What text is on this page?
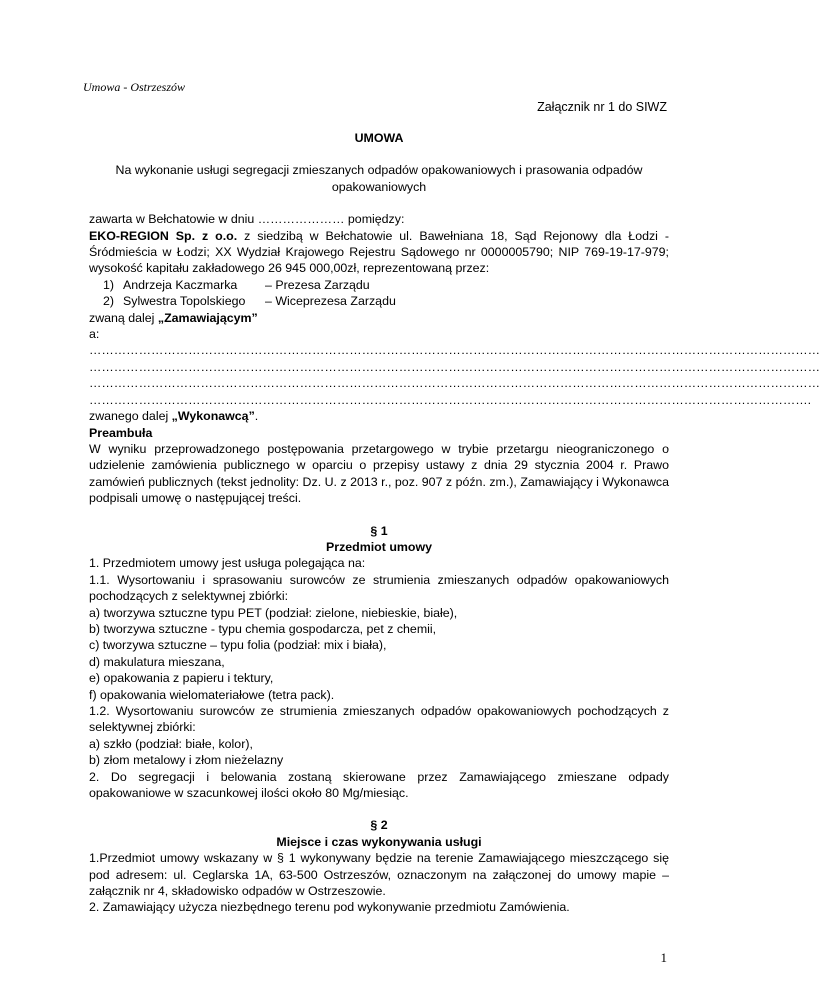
Umowa - Ostrzeszów
Załącznik nr 1 do SIWZ

UMOWA

Na wykonanie usługi segregacji zmieszanych odpadów opakowaniowych i prasowania odpadów opakowaniowych

zawarta w Bełchatowie w dniu ………………… pomiędzy:

EKO-REGION Sp. z o.o. z siedzibą w Bełchatowie ul. Bawełniana 18, Sąd Rejonowy dla Łodzi - Śródmieścia w Łodzi; XX Wydział Krajowego Rejestru Sądowego nr 0000005790; NIP 769-19-17-979; wysokość kapitału zakładowego 26 945 000,00zł, reprezentowaną przez:

1) Andrzeja Kaczmarka – Prezesa Zarządu

2) Sylwestra Topolskiego – Wiceprezesa Zarządu

zwaną dalej „Zamawiającym”

a:

……………………………………………………………………………………………………………………………………………………………

……………………………………………………………………………………………………………………………………………………………

……………………………………………………………………………………………………………………………………………………………

………………………………………………………………………………………………………………………………………………………….

zwanego dalej „Wykonawcą”.

Preambuła

W wyniku przeprowadzonego postępowania przetargowego w trybie przetargu nieograniczonego o udzielenie zamówienia publicznego w oparciu o przepisy ustawy z dnia 29 stycznia 2004 r. Prawo zamówień publicznych (tekst jednolity: Dz. U. z 2013 r., poz. 907 z późn. zm.), Zamawiający i Wykonawca podpisali umowę o następującej treści.

§ 1

Przedmiot umowy

1. Przedmiotem umowy jest usługa polegająca na:

1.1. Wysortowaniu i sprasowaniu surowców ze strumienia zmieszanych odpadów opakowaniowych pochodzących z selektywnej zbiórki:

a) tworzywa sztuczne typu PET (podział: zielone, niebieskie, białe),

b) tworzywa sztuczne - typu chemia gospodarcza, pet z chemii,

c) tworzywa sztuczne – typu folia (podział: mix i biała),

d) makulatura mieszana,

e) opakowania z papieru i tektury,

f) opakowania wielomateriałowe (tetra pack).

1.2. Wysortowaniu surowców ze strumienia zmieszanych odpadów opakowaniowych pochodzących z selektywnej zbiórki:

a) szkło (podział: białe, kolor),

b) złom metalowy i złom nieżelazny

2. Do segregacji i belowania zostaną skierowane przez Zamawiającego zmieszane odpady opakowaniowe w szacunkowej ilości około 80 Mg/miesiąc.

§ 2

Miejsce i czas wykonywania usługi

1.Przedmiot umowy wskazany w § 1 wykonywany będzie na terenie Zamawiającego mieszczącego się pod adresem: ul. Ceglarska 1A, 63-500 Ostrzeszów, oznaczonym na załączonej do umowy mapie – załącznik nr 4, składowisko odpadów w Ostrzeszowie.

2. Zamawiający użycza niezbędnego terenu pod wykonywanie przedmiotu Zamówienia.

1
